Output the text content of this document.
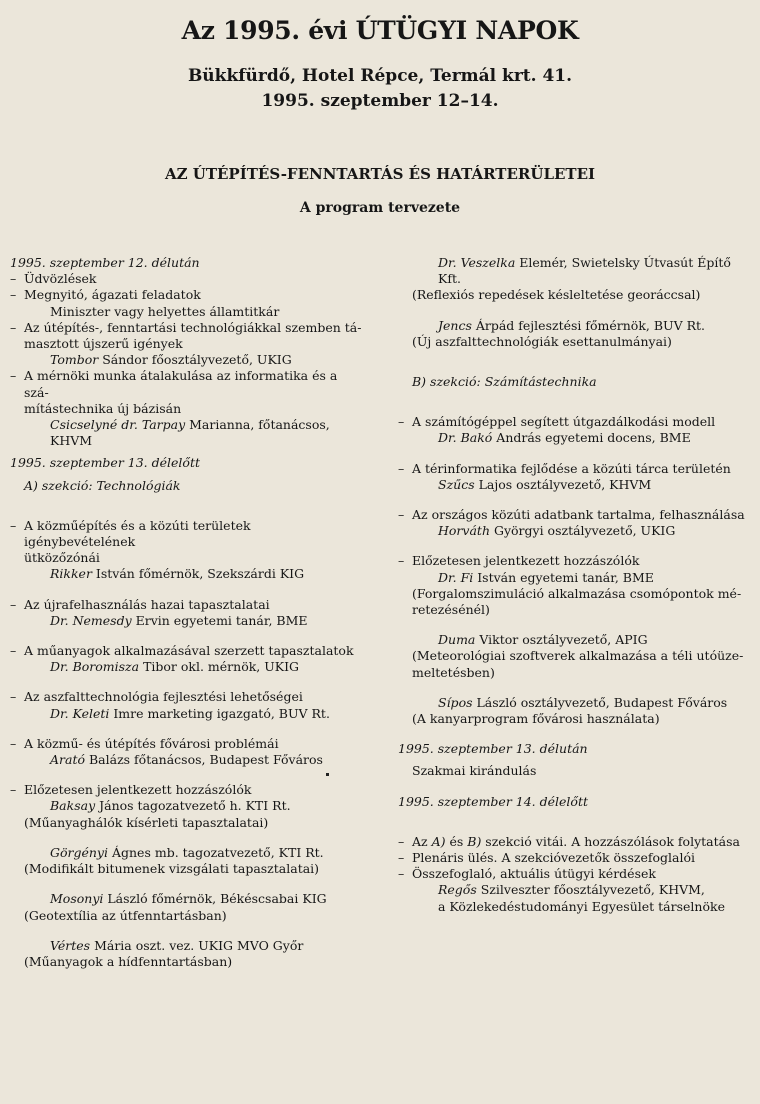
Az 1995. évi ÚTÜGYI NAPOK
Bükkfürdő, Hotel Répce, Termál krt. 41.
1995. szeptember 12–14.
AZ ÚTÉPÍTÉS-FENNTARTÁS ÉS HATÁRTERÜLETEI
A program tervezete

1995. szeptember 12. délután

– Üdvözlések
– Megnyitó, ágazati feladatok

Miniszter vagy helyettes államtitkár

– Az útépítés-, fenntartási technológiákkal szemben tá-
masztott újszerű igények

Tombor Sándor főosztályvezető, UKIG

– A mérnöki munka átalakulása az informatika és a szá-
mítástechnika új bázisán

Csicselyné dr. Tarpay Marianna, főtanácsos,

KHVM

1995. szeptember 13. délelőtt

A) szekció: Technológiák

– A közműépítés és a közúti területek igénybevételének
ütközőzónái

Rikker István főmérnök, Szekszárdi KIG

– Az újrafelhasználás hazai tapasztalatai

Dr. Nemesdy Ervin egyetemi tanár, BME

– A műanyagok alkalmazásával szerzett tapasztalatok

Dr. Boromisza Tibor okl. mérnök, UKIG

– Az aszfalttechnológia fejlesztési lehetőségei

Dr. Keleti Imre marketing igazgató, BUV Rt.

– A közmű- és útépítés fővárosi problémái

Arató Balázs főtanácsos, Budapest Főváros

– Előzetesen jelentkezett hozzászólók

Baksay János tagozatvezető h. KTI Rt.

(Műanyaghálók kísérleti tapasztalatai)

Görgényi Ágnes mb. tagozatvezető, KTI Rt.

(Modifikált bitumenek vizsgálati tapasztalatai)

Mosonyi László főmérnök, Békéscsabai KIG

(Geotextília az útfenntartásban)

Vértes Mária oszt. vez. UKIG MVO Győr

(Műanyagok a hídfenntartásban)

Dr. Veszelka Elemér, Swietelsky Útvasút Építő Kft.

(Reflexiós repedések késleltetése georáccsal)

Jencs Árpád fejlesztési főmérnök, BUV Rt.

(Új aszfalttechnológiák esettanulmányai)

B) szekció: Számítástechnika

– A számítógéppel segített útgazdálkodási modell

Dr. Bakó András egyetemi docens, BME

– A térinformatika fejlődése a közúti tárca területén

Szűcs Lajos osztályvezető, KHVM

– Az országos közúti adatbank tartalma, felhasználása

Horváth Györgyi osztályvezető, UKIG

– Előzetesen jelentkezett hozzászólók

Dr. Fi István egyetemi tanár, BME

(Forgalomszimuláció alkalmazása csomópontok mé-

retezésénél)

Duma Viktor osztályvezető, APIG

(Meteorológiai szoftverek alkalmazása a téli utóüze-

meltetésben)

Sípos László osztályvezető, Budapest Főváros

(A kanyarprogram fővárosi használata)

1995. szeptember 13. délután

Szakmai kirándulás

1995. szeptember 14. délelőtt

– Az A) és B) szekció vitái. A hozzászólások folytatása
– Plenáris ülés. A szekcióvezetők összefoglalói
– Összefoglaló, aktuális útügyi kérdések

Regős Szilveszter főosztályvezető, KHVM,

a Közlekedéstudományi Egyesület társelnöke
